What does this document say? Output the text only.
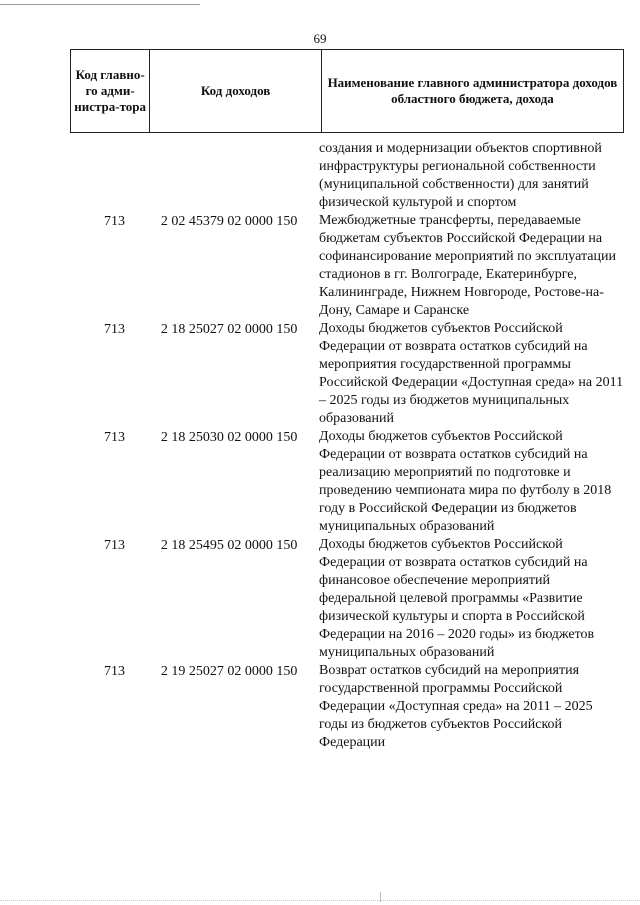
69
Код главно-го адми-нистра-тора	Код доходов	Наименование главного администратора доходов областного бюджета, дохода
		создания и модернизации объектов спортивной инфраструктуры региональной собственности (муниципальной собственности) для занятий физической культурой и спортом
713	2 02 45379 02 0000 150	Межбюджетные трансферты, передаваемые бюджетам субъектов Российской Федерации на софинансирование мероприятий по эксплуатации стадионов в гг. Волгограде, Екатеринбурге, Калининграде, Нижнем Новгороде, Ростове-на-Дону, Самаре и Саранске
713	2 18 25027 02 0000 150	Доходы бюджетов субъектов Российской Федерации от возврата остатков субсидий на мероприятия государственной программы Российской Федерации «Доступная среда» на 2011 – 2025 годы из бюджетов муниципальных образований
713	2 18 25030 02 0000 150	Доходы бюджетов субъектов Российской Федерации от возврата остатков субсидий на реализацию мероприятий по подготовке и проведению чемпионата мира по футболу в 2018 году в Российской Федерации из бюджетов муниципальных образований
713	2 18 25495 02 0000 150	Доходы бюджетов субъектов Российской Федерации от возврата остатков субсидий на финансовое обеспечение мероприятий федеральной целевой программы «Развитие физической культуры и спорта в Российской Федерации на 2016 – 2020 годы» из бюджетов муниципальных образований
713	2 19 25027 02 0000 150	Возврат остатков субсидий на мероприятия государственной программы Российской Федерации «Доступная среда» на 2011 – 2025 годы из бюджетов субъектов Российской Федерации
